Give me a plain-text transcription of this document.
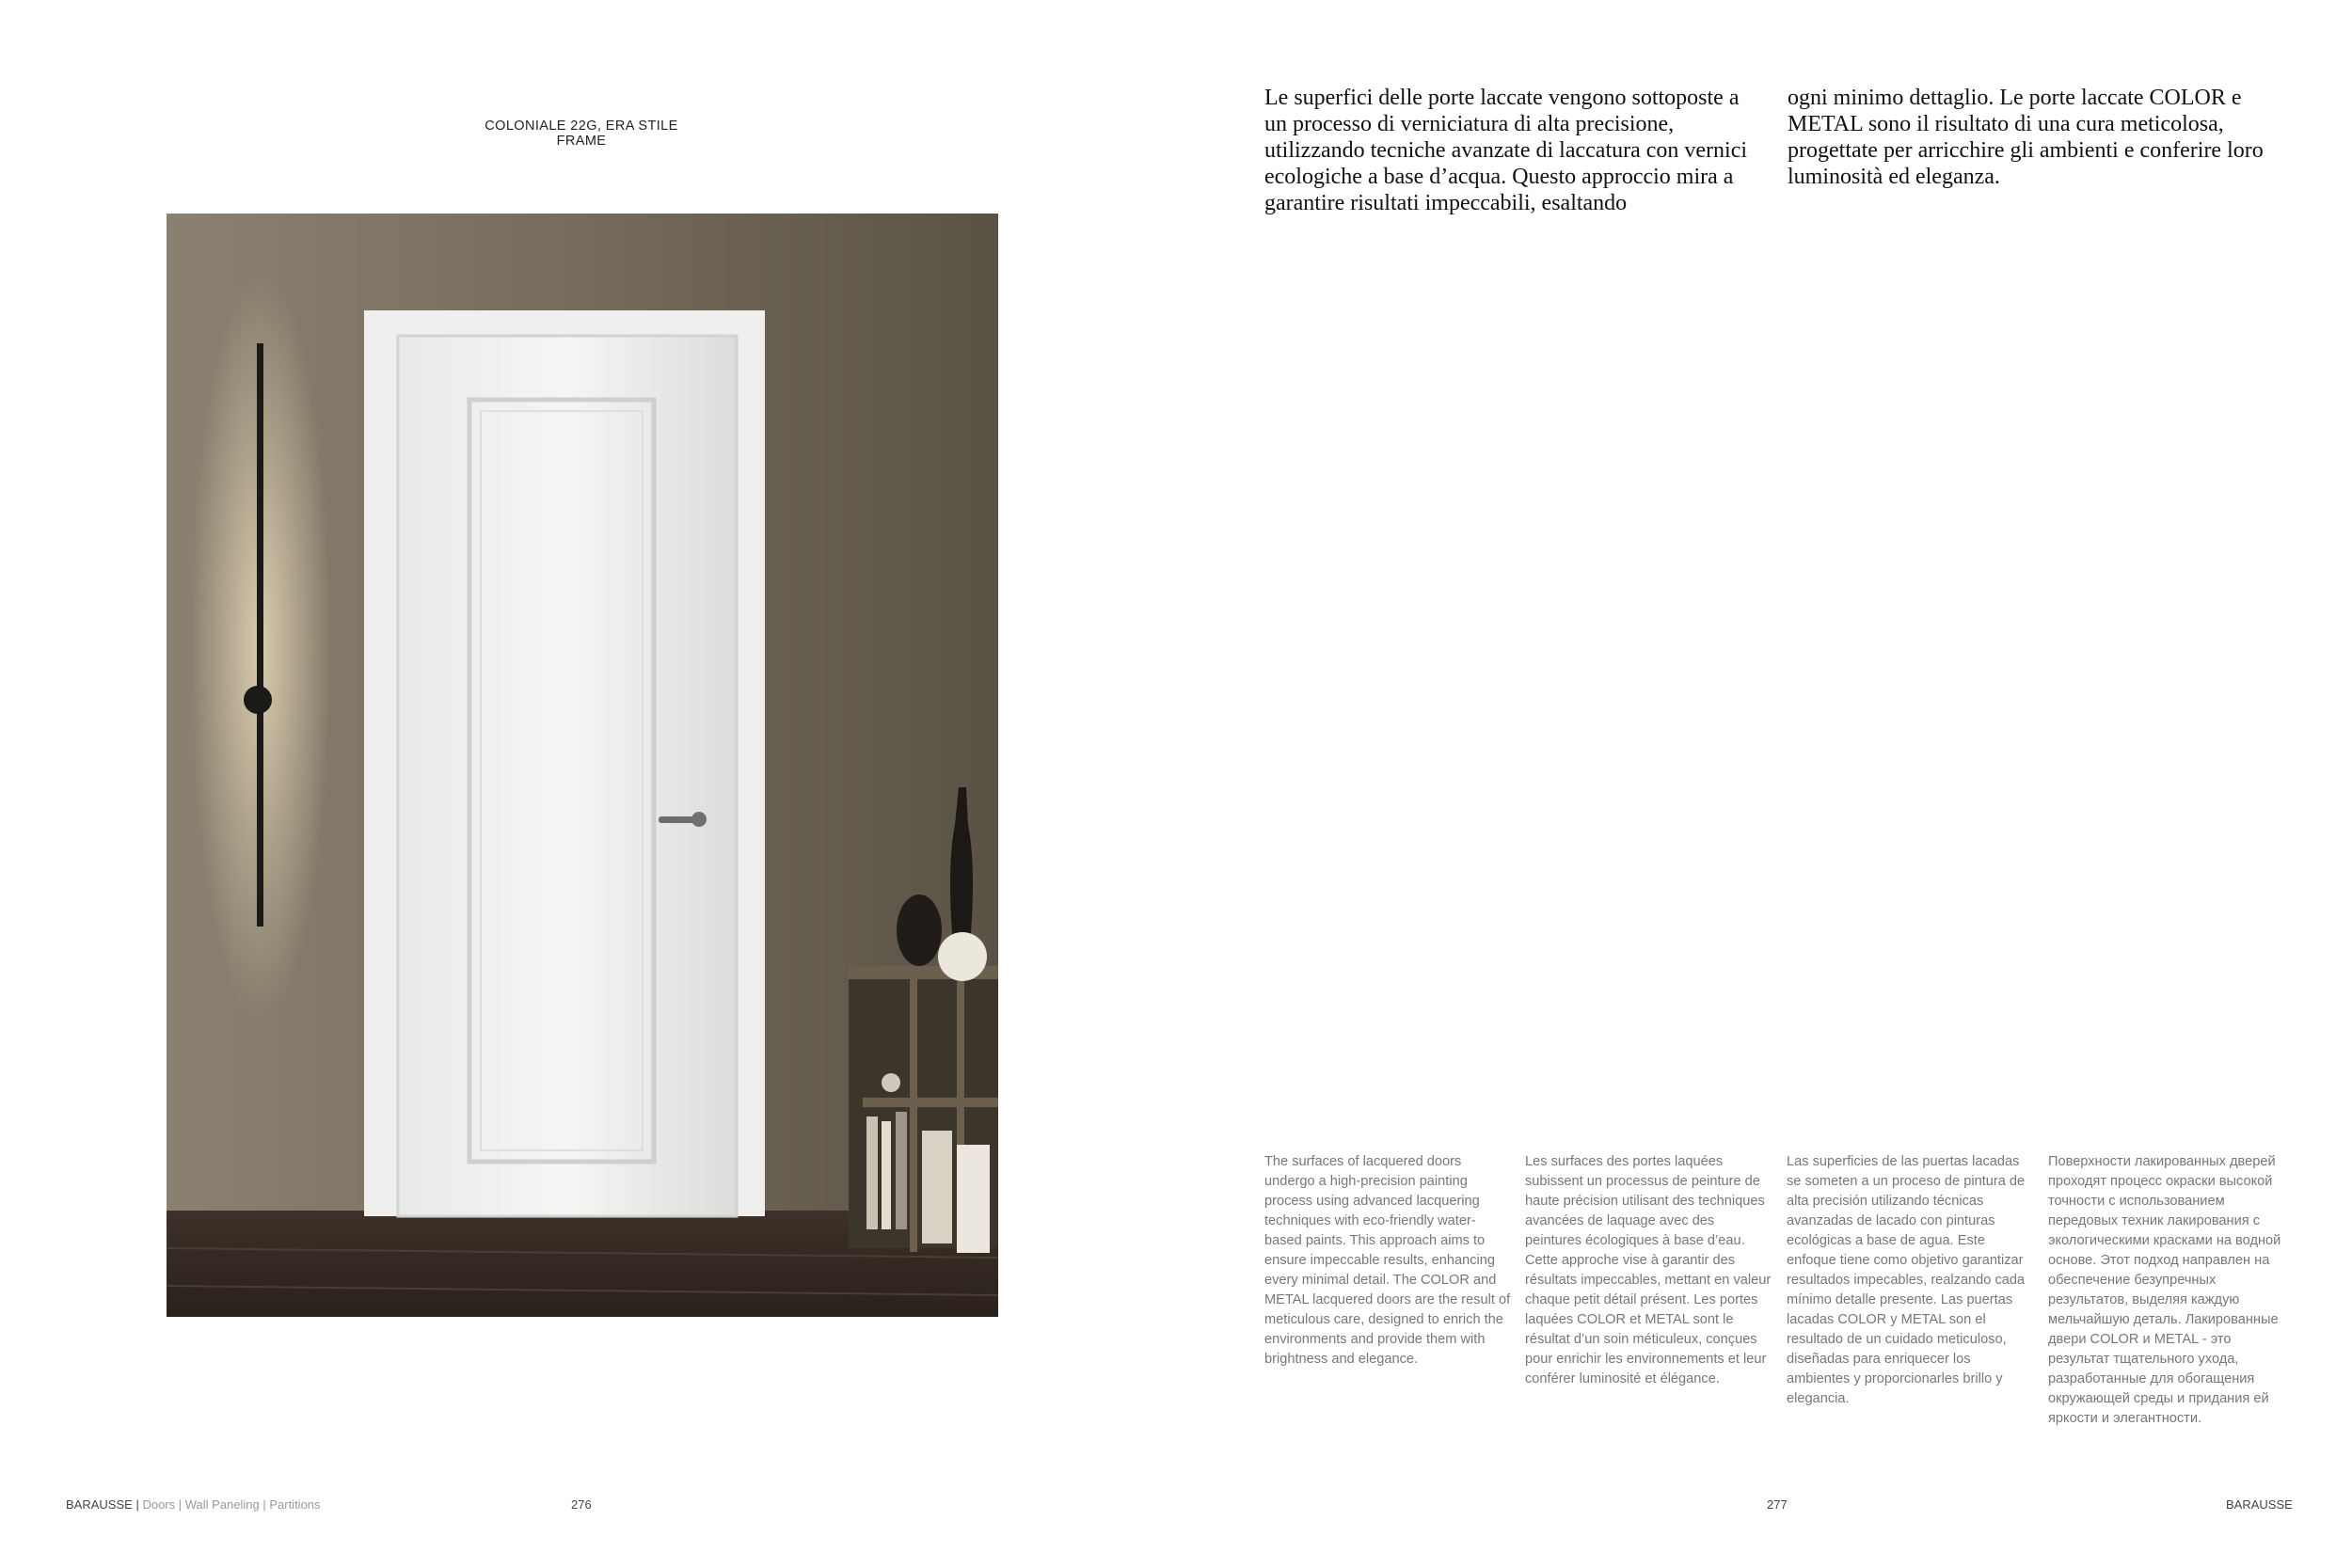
COLONIALE 22G, ERA STILE FRAME
Le superfici delle porte laccate vengono sottoposte a un processo di verniciatura di alta precisione, utilizzando tecniche avanzate di laccatura con vernici ecologiche a base d’acqua. Questo approccio mira a garantire risultati impeccabili, esaltando
ogni minimo dettaglio. Le porte laccate COLOR e METAL sono il risultato di una cura meticolosa, progettate per arricchire gli ambienti e conferire loro luminosità ed eleganza.
The surfaces of lacquered doors undergo a high-precision painting process using advanced lacquering techniques with eco-friendly water-based paints. This approach aims to ensure impeccable results, enhancing every minimal detail. The COLOR and METAL lacquered doors are the result of meticulous care, designed to enrich the environments and provide them with brightness and elegance.
Les surfaces des portes laquées subissent un processus de peinture de haute précision utilisant des techniques avancées de laquage avec des peintures écologiques à base d’eau. Cette approche vise à garantir des résultats impeccables, mettant en valeur chaque petit détail présent. Les portes laquées COLOR et METAL sont le résultat d’un soin méticuleux, conçues pour enrichir les environnements et leur conférer luminosité et élégance.
Las superficies de las puertas lacadas se someten a un proceso de pintura de alta precisión utilizando técnicas avanzadas de lacado con pinturas ecológicas a base de agua. Este enfoque tiene como objetivo garantizar resultados impecables, realzando cada mínimo detalle presente. Las puertas lacadas COLOR y METAL son el resultado de un cuidado meticuloso, diseñadas para enriquecer los ambientes y proporcionarles brillo y elegancia.
Поверхности лакированных дверей проходят процесс окраски высокой точности с использованием передовых техник лакирования с экологическими красками на водной основе. Этот подход направлен на обеспечение безупречных результатов, выделяя каждую мельчайшую деталь. Лакированные двери COLOR и METAL - это результат тщательного ухода, разработанные для обогащения окружающей среды и придания ей яркости и элегантности.
BARAUSSE | Doors | Wall Paneling | Partitions	276	277	BARAUSSE
